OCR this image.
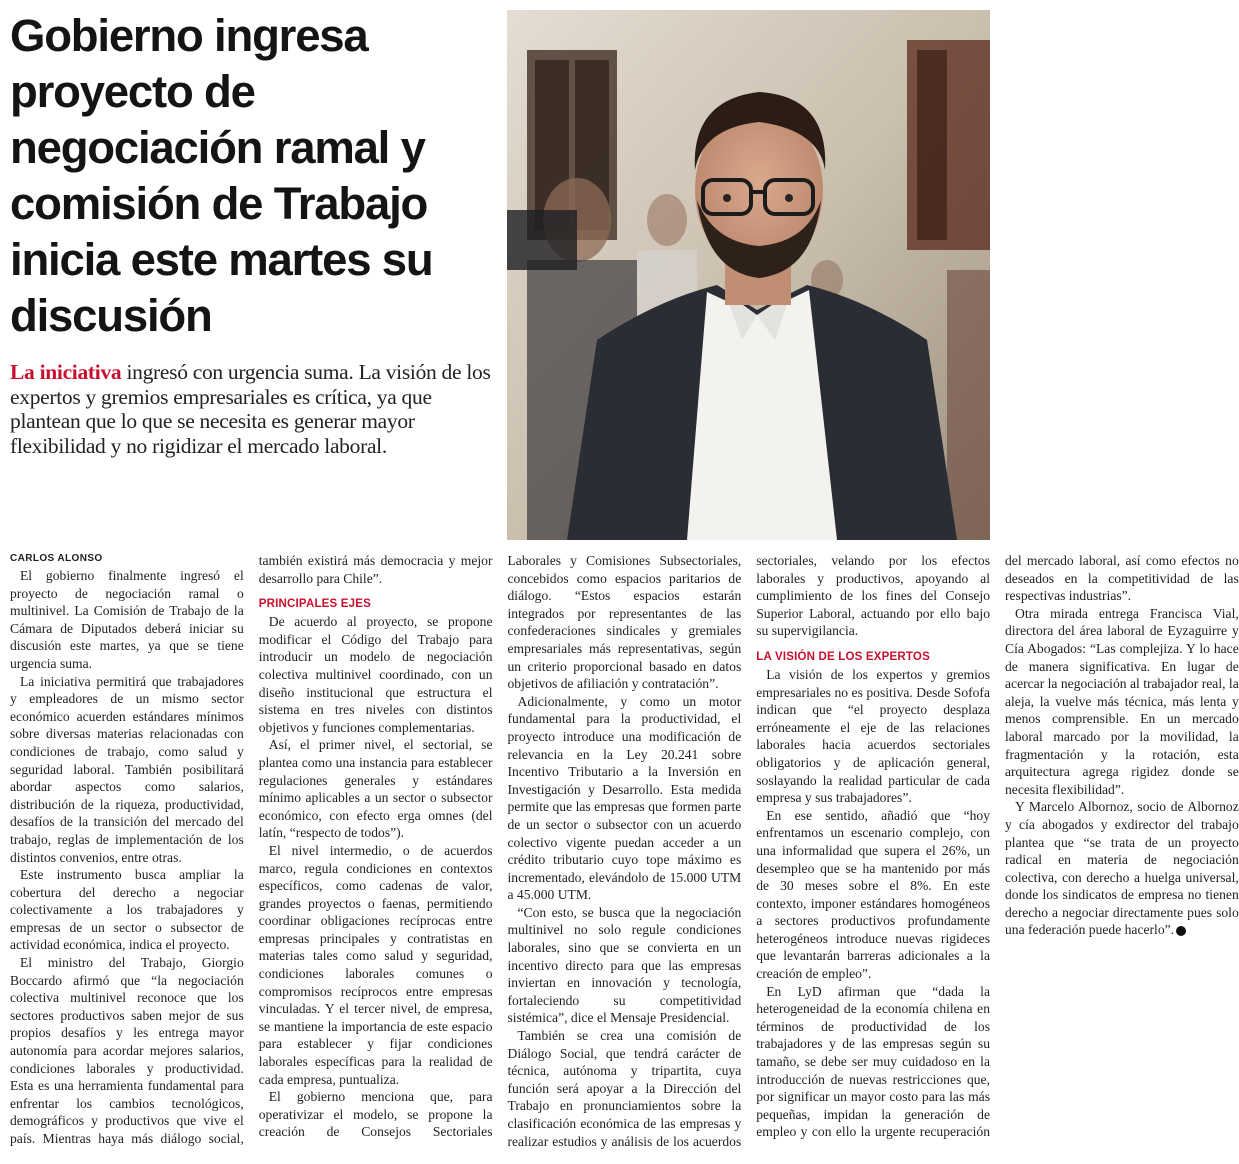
Gobierno ingresa proyecto de negociación ramal y comisión de Trabajo inicia este martes su discusión

La iniciativa ingresó con urgencia suma. La visión de los expertos y gremios empresariales es crítica, ya que plantean que lo que se necesita es generar mayor flexibilidad y no rigidizar el mercado laboral.

CARLOS ALONSO

El gobierno finalmente ingresó el proyecto de negociación ramal o multinivel. La Comisión de Trabajo de la Cámara de Diputados deberá iniciar su discusión este martes, ya que se tiene urgencia suma.

La iniciativa permitirá que trabajadores y empleadores de un mismo sector económico acuerden estándares mínimos sobre diversas materias relacionadas con condiciones de trabajo, como salud y seguridad laboral. También posibilitará abordar aspectos como salarios, distribución de la riqueza, productividad, desafíos de la transición del mercado del trabajo, reglas de implementación de los distintos convenios, entre otras.

Este instrumento busca ampliar la cobertura del derecho a negociar colectivamente a los trabajadores y empresas de un sector o subsector de actividad económica, indica el proyecto.

El ministro del Trabajo, Giorgio Boccardo afirmó que “la negociación colectiva multinivel reconoce que los sectores productivos saben mejor de sus propios desafíos y les entrega mayor autonomía para acordar mejores salarios, condiciones laborales y productividad. Esta es una herramienta fundamental para enfrentar los cambios tecnológicos, demográficos y productivos que vive el país. Mientras haya más diálogo social, también existirá más democracia y mejor desarrollo para Chile”.

PRINCIPALES EJES

De acuerdo al proyecto, se propone modificar el Código del Trabajo para introducir un modelo de negociación colectiva multinivel coordinado, con un diseño institucional que estructura el sistema en tres niveles con distintos objetivos y funciones complementarias.

Así, el primer nivel, el sectorial, se plantea como una instancia para establecer regulaciones generales y estándares mínimo aplicables a un sector o subsector económico, con efecto erga omnes (del latín, “respecto de todos”).

El nivel intermedio, o de acuerdos marco, regula condiciones en contextos específicos, como cadenas de valor, grandes proyectos o faenas, permitiendo coordinar obligaciones recíprocas entre empresas principales y contratistas en materias tales como salud y seguridad, condiciones laborales comunes o compromisos recíprocos entre empresas vinculadas. Y el tercer nivel, de empresa, se mantiene la importancia de este espacio para establecer y fijar condiciones laborales específicas para la realidad de cada empresa, puntualiza.

El gobierno menciona que, para operativizar el modelo, se propone la creación de Consejos Sectoriales Laborales y Comisiones Subsectoriales, concebidos como espacios paritarios de diálogo. “Estos espacios estarán integrados por representantes de las confederaciones sindicales y gremiales empresariales más representativas, según un criterio proporcional basado en datos objetivos de afiliación y contratación”.

Adicionalmente, y como un motor fundamental para la productividad, el proyecto introduce una modificación de relevancia en la Ley 20.241 sobre Incentivo Tributario a la Inversión en Investigación y Desarrollo. Esta medida permite que las empresas que formen parte de un sector o subsector con un acuerdo colectivo vigente puedan acceder a un crédito tributario cuyo tope máximo es incrementado, elevándolo de 15.000 UTM a 45.000 UTM.

“Con esto, se busca que la negociación multinivel no solo regule condiciones laborales, sino que se convierta en un incentivo directo para que las empresas inviertan en innovación y tecnología, fortaleciendo su competitividad sistémica”, dice el Mensaje Presidencial.

También se crea una comisión de Diálogo Social, que tendrá carácter de técnica, autónoma y tripartita, cuya función será apoyar a la Dirección del Trabajo en pronunciamientos sobre la clasificación económica de las empresas y realizar estudios y análisis de los acuerdos sectoriales, velando por los efectos laborales y productivos, apoyando al cumplimiento de los fines del Consejo Superior Laboral, actuando por ello bajo su supervigilancia.

LA VISIÓN DE LOS EXPERTOS

La visión de los expertos y gremios empresariales no es positiva. Desde Sofofa indican que “el proyecto desplaza erróneamente el eje de las relaciones laborales hacia acuerdos sectoriales obligatorios y de aplicación general, soslayando la realidad particular de cada empresa y sus trabajadores”.

En ese sentido, añadió que “hoy enfrentamos un escenario complejo, con una informalidad que supera el 26%, un desempleo que se ha mantenido por más de 30 meses sobre el 8%. En este contexto, imponer estándares homogéneos a sectores productivos profundamente heterogéneos introduce nuevas rigideces que levantarán barreras adicionales a la creación de empleo”.

En LyD afirman que “dada la heterogeneidad de la economía chilena en términos de productividad de los trabajadores y de las empresas según su tamaño, se debe ser muy cuidadoso en la introducción de nuevas restricciones que, por significar un mayor costo para las más pequeñas, impidan la generación de empleo y con ello la urgente recuperación del mercado laboral, así como efectos no deseados en la competitividad de las respectivas industrias”.

Otra mirada entrega Francisca Vial, directora del área laboral de Eyzaguirre y Cía Abogados: “Las complejiza. Y lo hace de manera significativa. En lugar de acercar la negociación al trabajador real, la aleja, la vuelve más técnica, más lenta y menos comprensible. En un mercado laboral marcado por la movilidad, la fragmentación y la rotación, esta arquitectura agrega rigidez donde se necesita flexibilidad”.

Y Marcelo Albornoz, socio de Albornoz y cía abogados y exdirector del trabajo plantea que “se trata de un proyecto radical en materia de negociación colectiva, con derecho a huelga universal, donde los sindicatos de empresa no tienen derecho a negociar directamente pues solo una federación puede hacerlo”. P
